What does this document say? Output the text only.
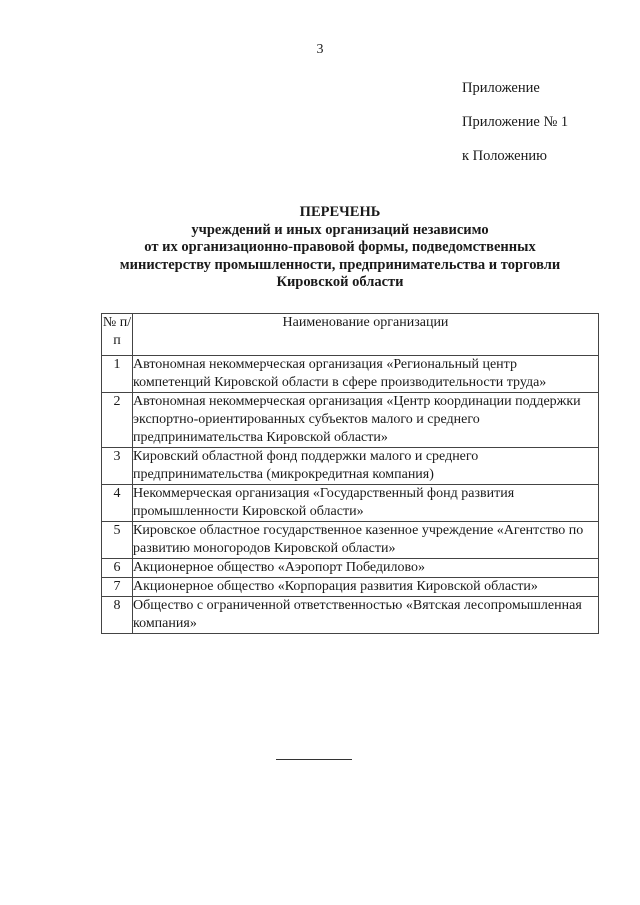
3
Приложение
Приложение № 1
к Положению
ПЕРЕЧЕНЬ
учреждений и иных организаций независимо
от их организационно-правовой формы, подведомственных
министерству промышленности, предпринимательства и торговли
Кировской области
№ п/п	Наименование организации
1	Автономная некоммерческая организация «Региональный центр компетенций Кировской области в сфере производительности труда»
2	Автономная некоммерческая организация «Центр координации поддержки экспортно-ориентированных субъектов малого и среднего предпринимательства Кировской области»
3	Кировский областной фонд поддержки малого и среднего предпринимательства (микрокредитная компания)
4	Некоммерческая организация «Государственный фонд развития промышленности Кировской области»
5	Кировское областное государственное казенное учреждение «Агентство по развитию моногородов Кировской области»
6	Акционерное общество «Аэропорт Победилово»
7	Акционерное общество «Корпорация развития Кировской области»
8	Общество с ограниченной ответственностью «Вятская лесопромышленная компания»
